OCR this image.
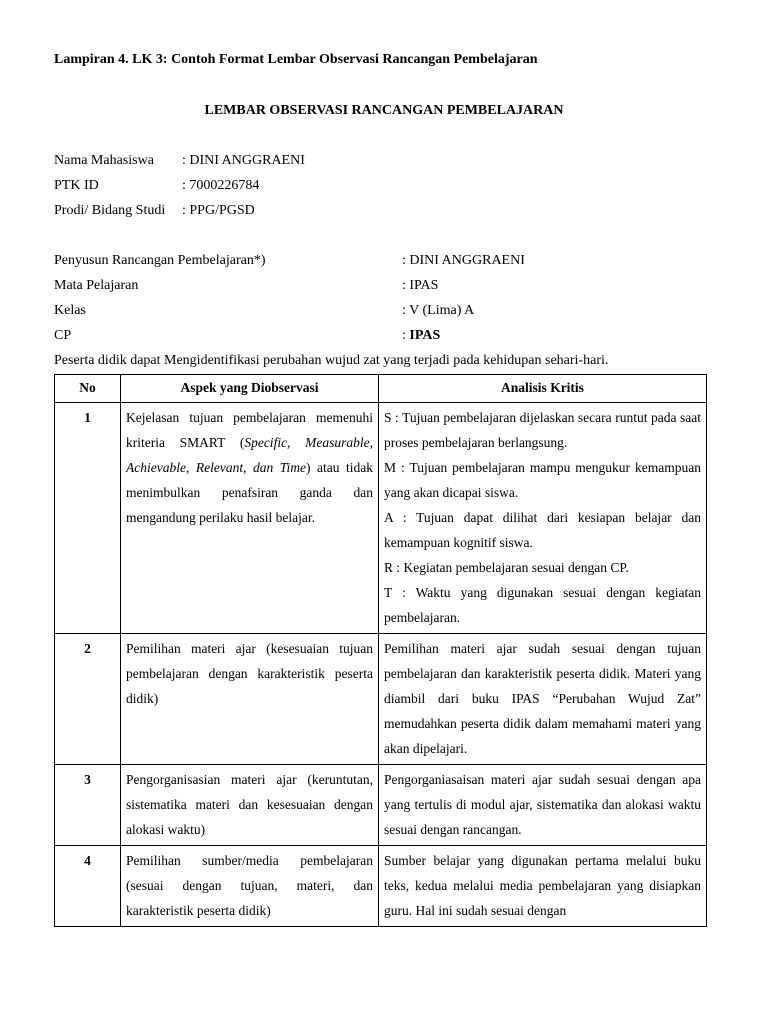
Lampiran 4. LK 3: Contoh Format Lembar Observasi Rancangan Pembelajaran
LEMBAR OBSERVASI RANCANGAN PEMBELAJARAN
Nama Mahasiswa : DINI ANGGRAENI
PTK ID	: 7000226784
Prodi/ Bidang Studi : PPG/PGSD
Penyusun Rancangan Pembelajaran*)	: DINI ANGGRAENI
Mata Pelajaran	: IPAS
Kelas	: V (Lima) A
CP	: IPAS
Peserta didik dapat Mengidentifikasi perubahan wujud zat yang terjadi pada kehidupan sehari-hari.
No	Aspek yang Diobservasi	Analisis Kritis
1	Kejelasan tujuan pembelajaran memenuhi kriteria SMART (Specific, Measurable, Achievable, Relevant, dan Time) atau tidak menimbulkan penafsiran ganda dan mengandung perilaku hasil belajar.	S : Tujuan pembelajaran dijelaskan secara runtut pada saat proses pembelajaran berlangsung.
M : Tujuan pembelajaran mampu mengukur kemampuan yang akan dicapai siswa.
A : Tujuan dapat dilihat dari kesiapan belajar dan kemampuan kognitif siswa.
R : Kegiatan pembelajaran sesuai dengan CP.
T : Waktu yang digunakan sesuai dengan kegiatan pembelajaran.

2	Pemilihan materi ajar (kesesuaian tujuan pembelajaran dengan karakteristik peserta didik)	Pemilihan materi ajar sudah sesuai dengan tujuan pembelajaran dan karakteristik peserta didik. Materi yang diambil dari buku IPAS “Perubahan Wujud Zat” memudahkan peserta didik dalam memahami materi yang akan dipelajari.
3	Pengorganisasian materi ajar (keruntutan, sistematika materi dan kesesuaian dengan alokasi waktu)	Pengorganiasaisan materi ajar sudah sesuai dengan apa yang tertulis di modul ajar, sistematika dan alokasi waktu sesuai dengan rancangan.
4	Pemilihan sumber/media pembelajaran (sesuai dengan tujuan, materi, dan karakteristik peserta didik)	Sumber belajar yang digunakan pertama melalui buku teks, kedua melalui media pembelajaran yang disiapkan guru. Hal ini sudah sesuai dengan
